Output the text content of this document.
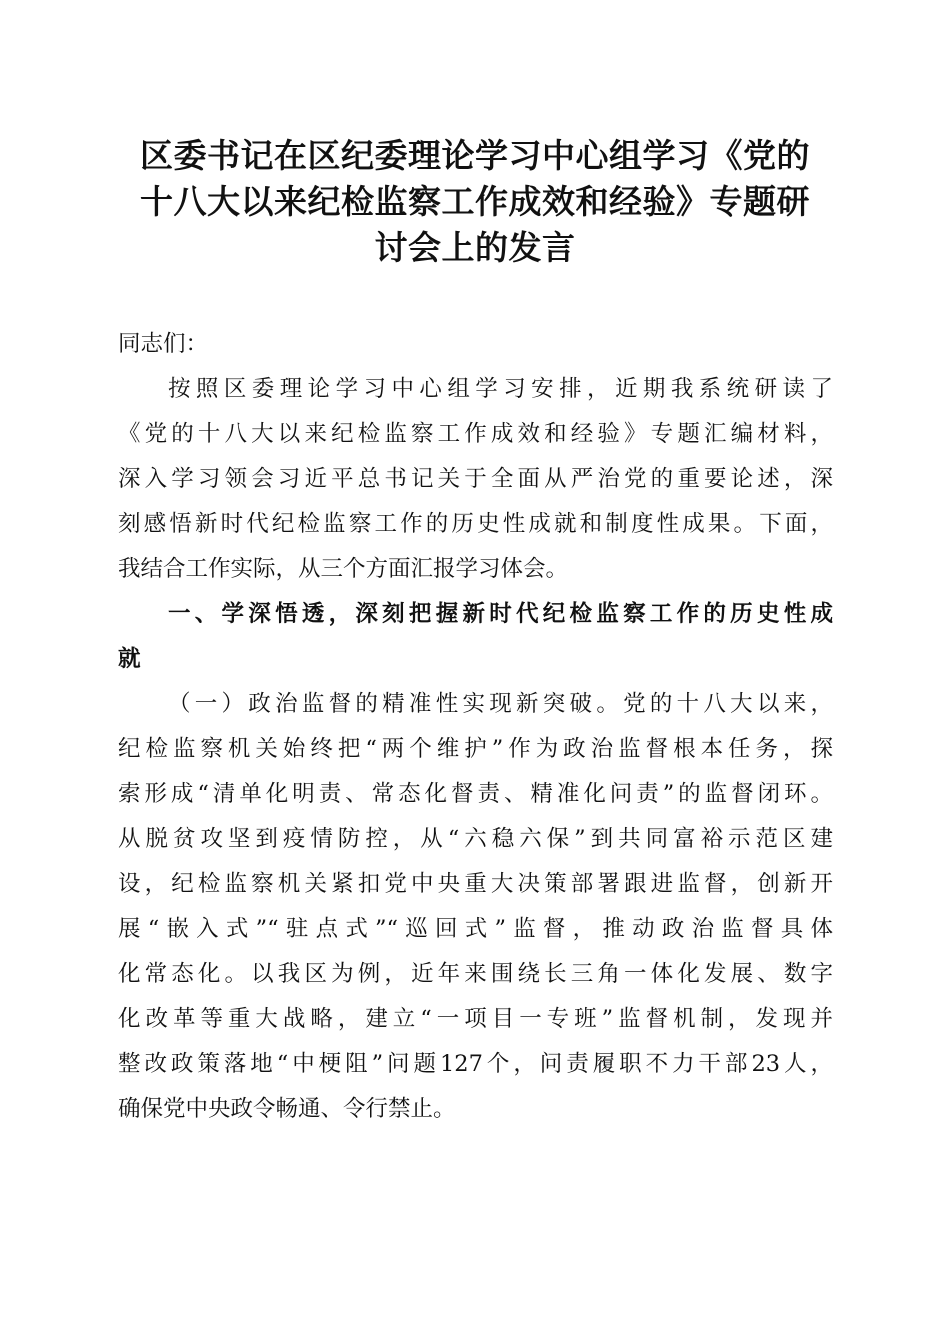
区委书记在区纪委理论学习中心组学习《党的
十八大以来纪检监察工作成效和经验》专题研
讨会上的发言
同志们：
按照区委理论学习中心组学习安排，近期我系统研读了
《党的十八大以来纪检监察工作成效和经验》专题汇编材料，
深入学习领会习近平总书记关于全面从严治党的重要论述，深
刻感悟新时代纪检监察工作的历史性成就和制度性成果。下面，
我结合工作实际，从三个方面汇报学习体会。
一、学深悟透，深刻把握新时代纪检监察工作的历史性成
就
（一）政治监督的精准性实现新突破。党的十八大以来，
纪检监察机关始终把“两个维护”作为政治监督根本任务，探
索形成“清单化明责、常态化督责、精准化问责”的监督闭环。
从脱贫攻坚到疫情防控，从“六稳六保”到共同富裕示范区建
设，纪检监察机关紧扣党中央重大决策部署跟进监督，创新开
展“嵌入式”“驻点式”“巡回式”监督，推动政治监督具体
化常态化。以我区为例，近年来围绕长三角一体化发展、数字
化改革等重大战略，建立“一项目一专班”监督机制，发现并
整改政策落地“中梗阻”问题127个，问责履职不力干部23人，
确保党中央政令畅通、令行禁止。
